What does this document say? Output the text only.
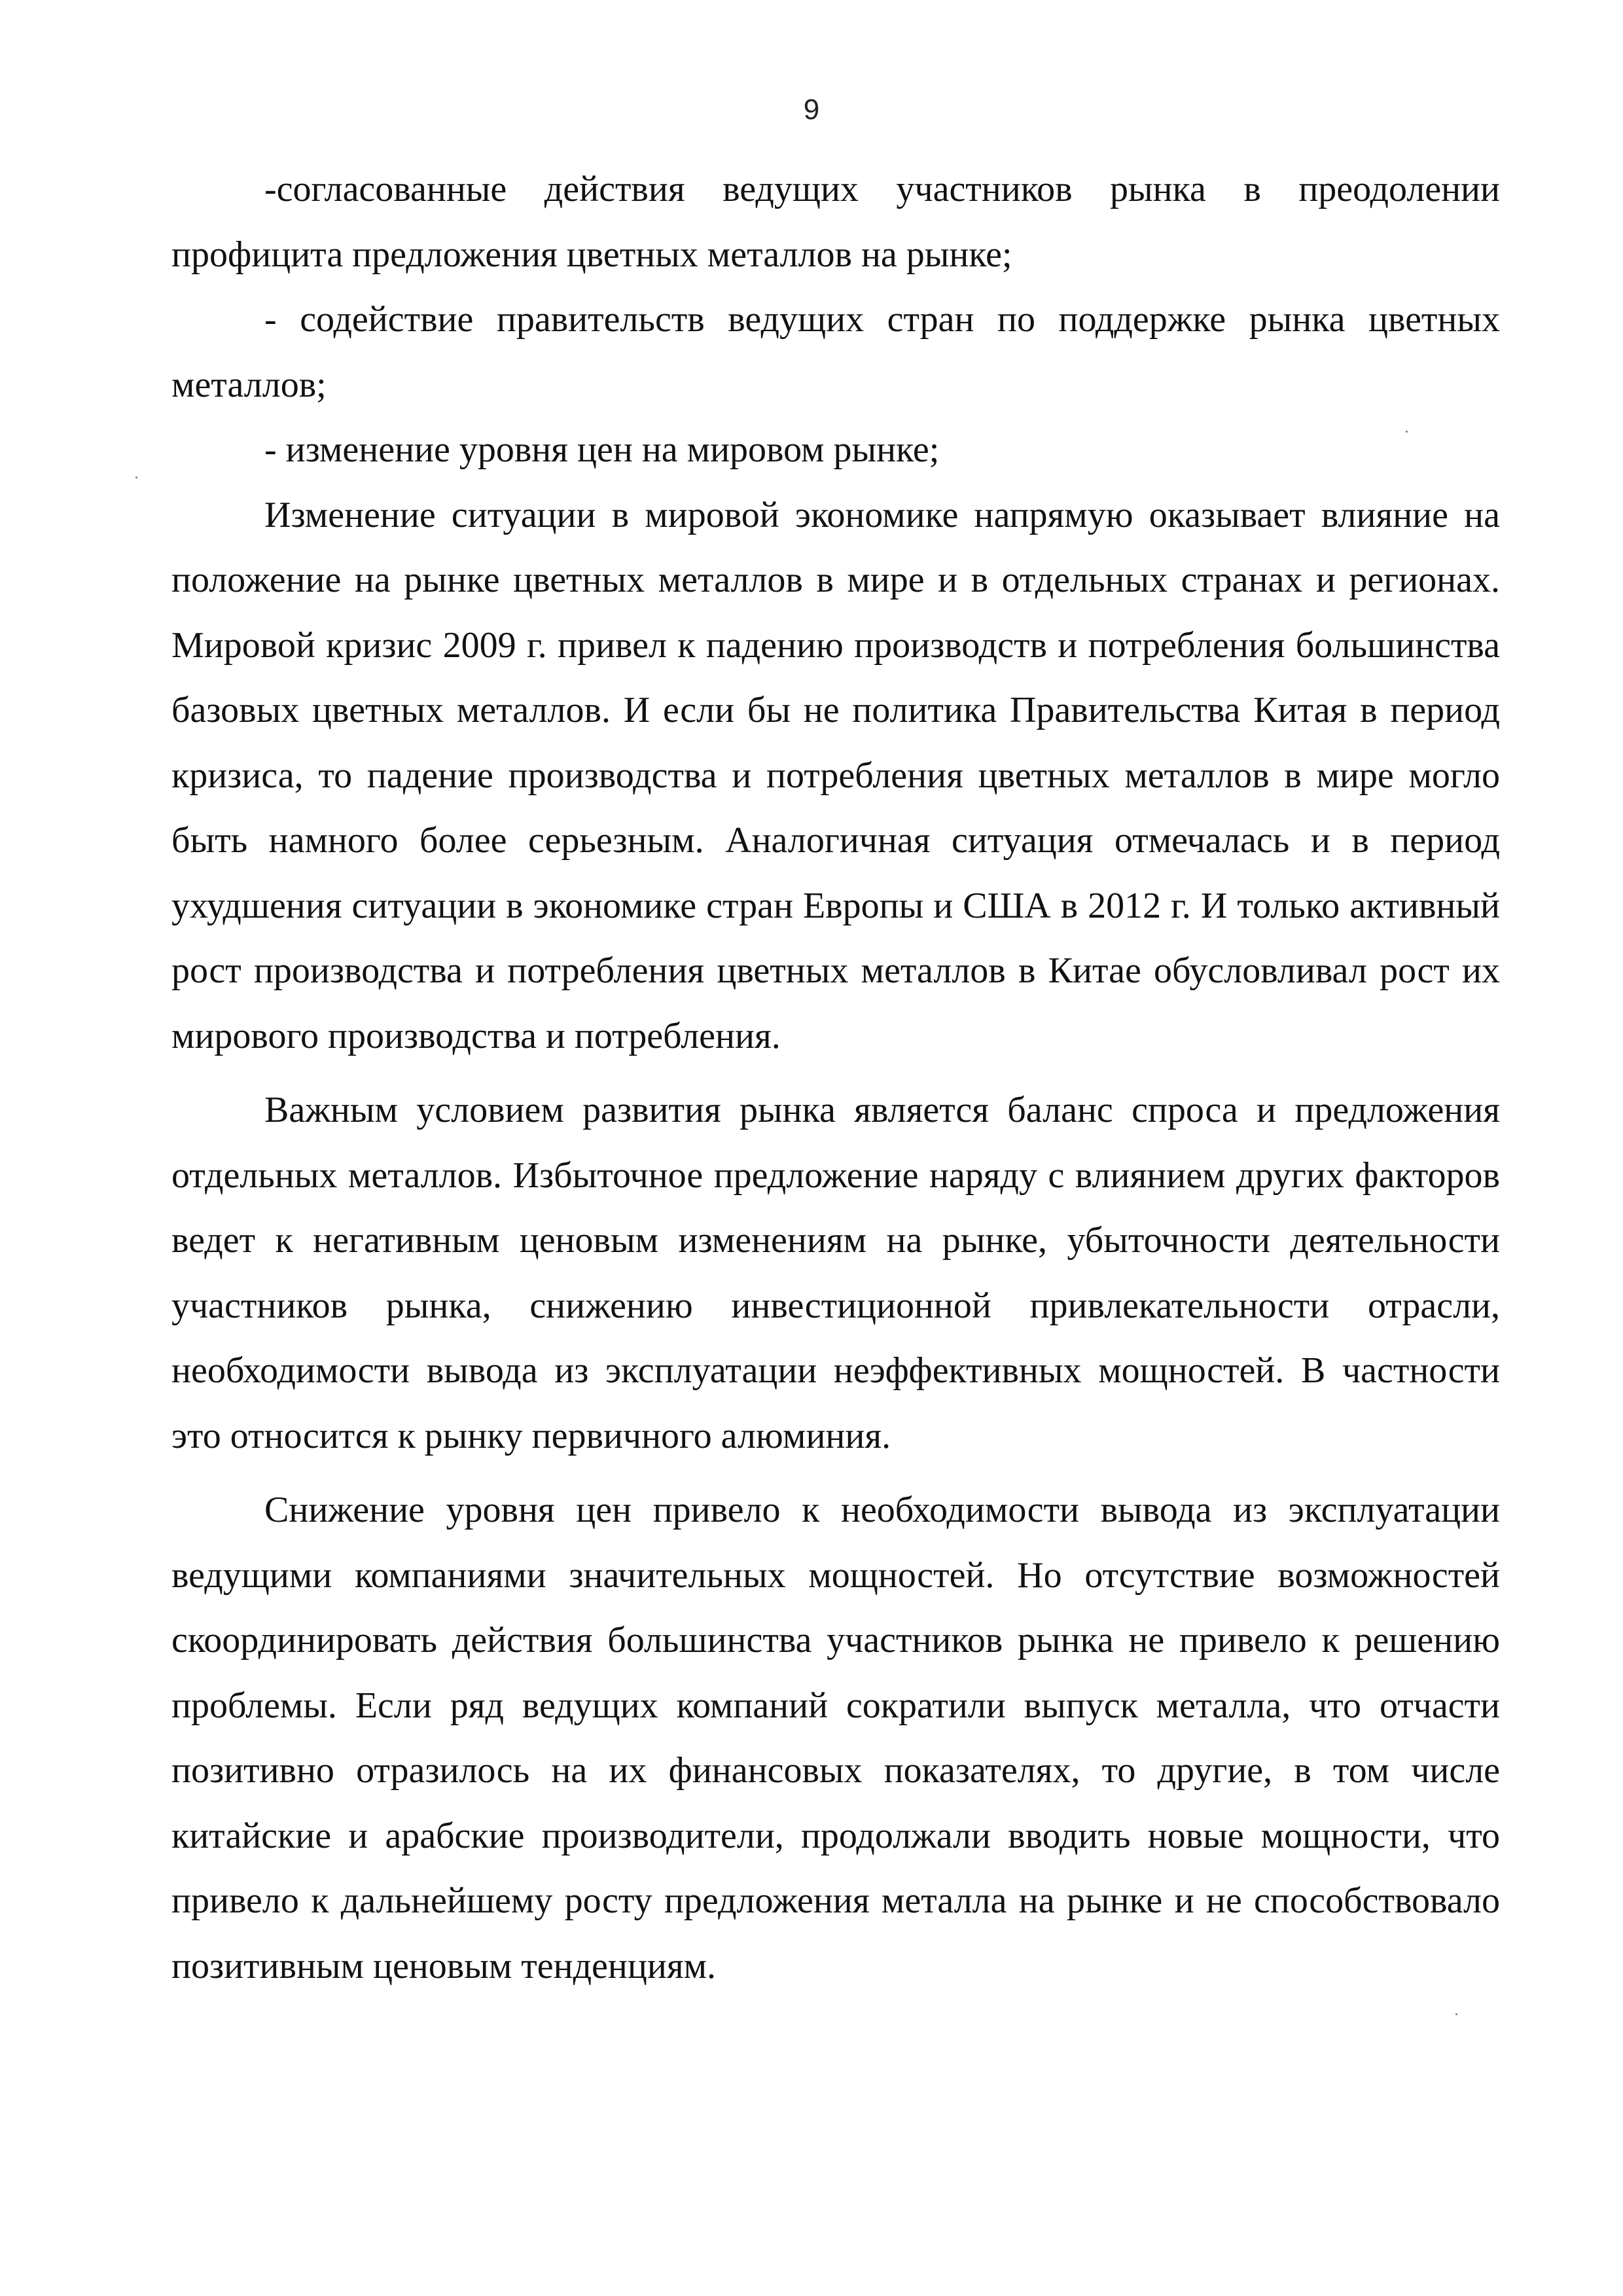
9

-согласованные действия ведущих участников рынка в преодолении профицита предложения цветных металлов на рынке;

- содействие правительств ведущих стран по поддержке рынка цветных металлов;

- изменение уровня цен на мировом рынке;

Изменение ситуации в мировой экономике напрямую оказывает влияние на положение на рынке цветных металлов в мире и в отдельных странах и регионах. Мировой кризис 2009 г. привел к падению производств и потребления большинства базовых цветных металлов. И если бы не политика Правительства Китая в период кризиса, то падение производства и потребления цветных металлов в мире могло быть намного более серьезным. Аналогичная ситуация отмечалась и в период ухудшения ситуации в экономике стран Европы и США в 2012 г. И только активный рост производства и потребления цветных металлов в Китае обусловливал рост их мирового производства и потребления.

Важным условием развития рынка является баланс спроса и предложения отдельных металлов. Избыточное предложение наряду с влиянием других факторов ведет к негативным ценовым изменениям на рынке, убыточности деятельности участников рынка, снижению инвестиционной привлекательности отрасли, необходимости вывода из эксплуатации неэффективных мощностей. В частности это относится к рынку первичного алюминия.

Снижение уровня цен привело к необходимости вывода из эксплуатации ведущими компаниями значительных мощностей. Но отсутствие возможностей скоординировать действия большинства участников рынка не привело к решению проблемы. Если ряд ведущих компаний сократили выпуск металла, что отчасти позитивно отразилось на их финансовых показателях, то другие, в том числе китайские и арабские производители, продолжали вводить новые мощности, что привело к дальнейшему росту предложения металла на рынке и не способствовало позитивным ценовым тенденциям.
